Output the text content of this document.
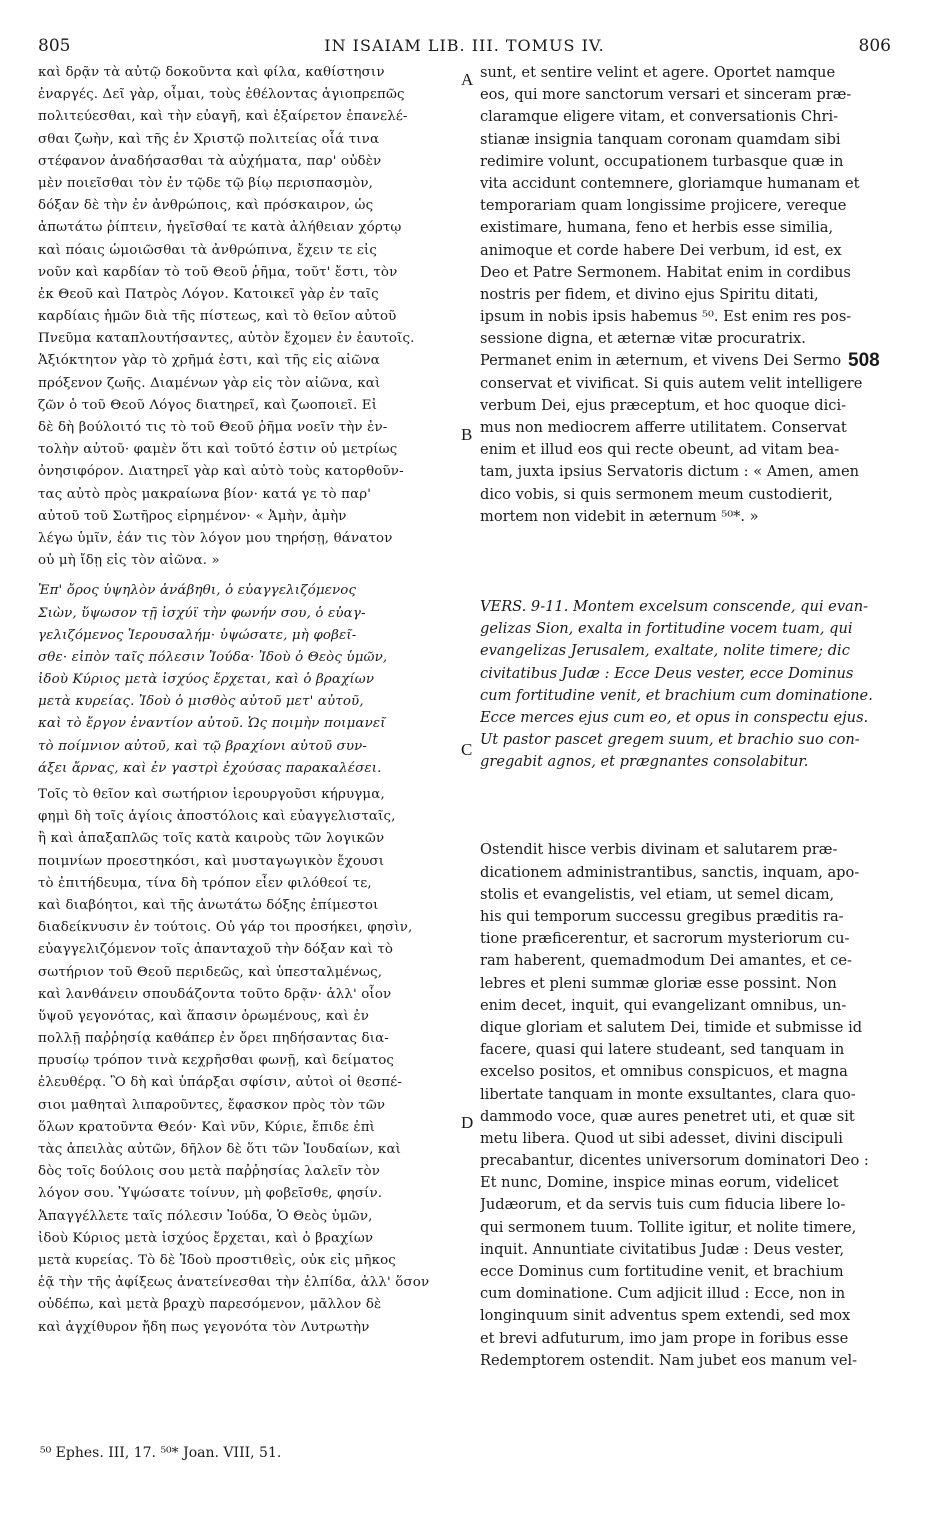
805	IN ISAIAM LIB. III. TOMUS IV.	806
καὶ δρᾷν τὰ αὐτῷ δοκοῦντα καὶ φίλα, καθίστησιν
ἐναργές. Δεῖ γὰρ, οἶμαι, τοὺς ἐθέλοντας ἁγιοπρεπῶς
πολιτεύεσθαι, καὶ τὴν εὐαγῆ, καὶ ἐξαίρετον ἐπανελέ-
σθαι ζωὴν, καὶ τῆς ἐν Χριστῷ πολιτείας οἷά τινα
στέφανον ἀναδήσασθαι τὰ αὐχήματα, παρ' οὐδὲν
μὲν ποιεῖσθαι τὸν ἐν τῷδε τῷ βίῳ περισπασμὸν,
δόξαν δὲ τὴν ἐν ἀνθρώποις, καὶ πρόσκαιρον, ὡς
ἀπωτάτω ῥίπτειν, ἡγεῖσθαί τε κατὰ ἀλήθειαν χόρτῳ
καὶ πόαις ὡμοιῶσθαι τὰ ἀνθρώπινα, ἔχειν τε εἰς
νοῦν καὶ καρδίαν τὸ τοῦ Θεοῦ ῥῆμα, τοῦτ' ἔστι, τὸν
ἐκ Θεοῦ καὶ Πατρὸς Λόγον. Κατοικεῖ γὰρ ἐν ταῖς
καρδίαις ἡμῶν διὰ τῆς πίστεως, καὶ τὸ θεῖον αὐτοῦ
Πνεῦμα καταπλουτήσαντες, αὐτὸν ἔχομεν ἐν ἑαυτοῖς.
Ἀξιόκτητον γὰρ τὸ χρῆμά ἐστι, καὶ τῆς εἰς αἰῶνα
πρόξενον ζωῆς. Διαμένων γὰρ εἰς τὸν αἰῶνα, καὶ
ζῶν ὁ τοῦ Θεοῦ Λόγος διατηρεῖ, καὶ ζωοποιεῖ. Εἰ
δὲ δὴ βούλοιτό τις τὸ τοῦ Θεοῦ ῥῆμα νοεῖν τὴν ἐν-
τολὴν αὐτοῦ· φαμὲν ὅτι καὶ τοῦτό ἐστιν οὐ μετρίως
ὀνησιφόρον. Διατηρεῖ γὰρ καὶ αὐτὸ τοὺς κατορθοῦν-
τας αὐτὸ πρὸς μακραίωνα βίον· κατά γε τὸ παρ'
αὐτοῦ τοῦ Σωτῆρος εἰρημένον· « Ἀμὴν, ἀμὴν
λέγω ὑμῖν, ἐάν τις τὸν λόγον μου τηρήσῃ, θάνατον
οὐ μὴ ἴδῃ εἰς τὸν αἰῶνα. »
Ἐπ' ὄρος ὑψηλὸν ἀνάβηθι, ὁ εὐαγγελιζόμενος
Σιὼν, ὕψωσον τῇ ἰσχύϊ τὴν φωνήν σου, ὁ εὐαγ-
γελιζόμενος Ἱερουσαλήμ· ὑψώσατε, μὴ φοβεῖ-
σθε· εἰπὸν ταῖς πόλεσιν Ἰούδα· Ἰδοὺ ὁ Θεὸς ὑμῶν,
ἰδοὺ Κύριος μετὰ ἰσχύος ἔρχεται, καὶ ὁ βραχίων
μετὰ κυρείας. Ἰδοὺ ὁ μισθὸς αὐτοῦ μετ' αὐτοῦ,
καὶ τὸ ἔργον ἐναντίον αὐτοῦ. Ὡς ποιμὴν ποιμανεῖ
τὸ ποίμνιον αὐτοῦ, καὶ τῷ βραχίονι αὐτοῦ συν-
άξει ἄρνας, καὶ ἐν γαστρὶ ἐχούσας παρακαλέσει.
Τοῖς τὸ θεῖον καὶ σωτήριον ἱερουργοῦσι κήρυγμα,
φημὶ δὴ τοῖς ἁγίοις ἀποστόλοις καὶ εὐαγγελισταῖς,
ἢ καὶ ἁπαξαπλῶς τοῖς κατὰ καιροὺς τῶν λογικῶν
ποιμνίων προεστηκόσι, καὶ μυσταγωγικὸν ἔχουσι
τὸ ἐπιτήδευμα, τίνα δὴ τρόπον εἶεν φιλόθεοί τε,
καὶ διαβόητοι, καὶ τῆς ἀνωτάτω δόξης ἐπίμεστοι
διαδείκνυσιν ἐν τούτοις. Οὐ γάρ τοι προσήκει, φησὶν,
εὐαγγελιζόμενον τοῖς ἁπανταχοῦ τὴν δόξαν καὶ τὸ
σωτήριον τοῦ Θεοῦ περιδεῶς, καὶ ὑπεσταλμένως,
καὶ λανθάνειν σπουδάζοντα τοῦτο δρᾷν· ἀλλ' οἷον
ὕψοῦ γεγονότας, καὶ ἅπασιν ὁρωμένους, καὶ ἐν
πολλῇ παῤῥησίᾳ καθάπερ ἐν ὄρει πηδήσαντας δια-
πρυσίῳ τρόπον τινὰ κεχρῆσθαι φωνῇ, καὶ δείματος
ἐλευθέρᾳ. Ὃ δὴ καὶ ὑπάρξαι σφίσιν, αὐτοὶ οἱ θεσπέ-
σιοι μαθηταὶ λιπαροῦντες, ἔφασκον πρὸς τὸν τῶν
ὅλων κρατοῦντα Θεόν· Καὶ νῦν, Κύριε, ἔπιδε ἐπὶ
τὰς ἀπειλὰς αὐτῶν, δῆλον δὲ ὅτι τῶν Ἰουδαίων, καὶ
δὸς τοῖς δούλοις σου μετὰ παῤῥησίας λαλεῖν τὸν
λόγον σου. Ὑψώσατε τοίνυν, μὴ φοβεῖσθε, φησίν.
Ἀπαγγέλλετε ταῖς πόλεσιν Ἰούδα, Ὁ Θεὸς ὑμῶν,
ἰδοὺ Κύριος μετὰ ἰσχύος ἔρχεται, καὶ ὁ βραχίων
μετὰ κυρείας. Τὸ δὲ Ἰδοὺ προστιθεὶς, οὐκ εἰς μῆκος
ἐᾷ τὴν τῆς ἀφίξεως ἀνατείνεσθαι τὴν ἐλπίδα, ἀλλ' ὅσον
οὐδέπω, καὶ μετὰ βραχὺ παρεσόμενον, μᾶλλον δὲ
καὶ ἀγχίθυρον ἤδη πως γεγονότα τὸν Λυτρωτὴν
sunt, et sentire velint et agere. Oportet namque
eos, qui more sanctorum versari et sinceram præ-
claramque eligere vitam, et conversationis Chri-
stianæ insignia tanquam coronam quamdam sibi
redimire volunt, occupationem turbasque quæ in
vita accidunt contemnere, gloriamque humanam et
temporariam quam longissime projicere, vereque
existimare, humana, feno et herbis esse similia,
animoque et corde habere Dei verbum, id est, ex
Deo et Patre Sermonem. Habitat enim in cordibus
nostris per fidem, et divino ejus Spiritu ditati,
ipsum in nobis ipsis habemus ⁵⁰. Est enim res pos-
sessione digna, et æternæ vitæ procuratrix.
Permanet enim in æternum, et vivens Dei Sermo
conservat et vivificat. Si quis autem velit intelligere
verbum Dei, ejus præceptum, et hoc quoque dici-
mus non mediocrem afferre utilitatem. Conservat
enim et illud eos qui recte obeunt, ad vitam bea-
tam, juxta ipsius Servatoris dictum : « Amen, amen
dico vobis, si quis sermonem meum custodierit,
mortem non videbit in æternum ⁵⁰*. »
VERS. 9-11. Montem excelsum conscende, qui evan-
gelizas Sion, exalta in fortitudine vocem tuam, qui
evangelizas Jerusalem, exaltate, nolite timere; dic
civitatibus Judæ : Ecce Deus vester, ecce Dominus
cum fortitudine venit, et brachium cum dominatione.
Ecce merces ejus cum eo, et opus in conspectu ejus.
Ut pastor pascet gregem suum, et brachio suo con-
gregabit agnos, et prægnantes consolabitur.
Ostendit hisce verbis divinam et salutarem præ-
dicationem administrantibus, sanctis, inquam, apo-
stolis et evangelistis, vel etiam, ut semel dicam,
his qui temporum successu gregibus præditis ra-
tione præficerentur, et sacrorum mysteriorum cu-
ram haberent, quemadmodum Dei amantes, et ce-
lebres et pleni summæ gloriæ esse possint. Non
enim decet, inquit, qui evangelizant omnibus, un-
dique gloriam et salutem Dei, timide et submisse id
facere, quasi qui latere studeant, sed tanquam in
excelso positos, et omnibus conspicuos, et magna
libertate tanquam in monte exsultantes, clara quo-
dammodo voce, quæ aures penetret uti, et quæ sit
metu libera. Quod ut sibi adesset, divini discipuli
precabantur, dicentes universorum dominatori Deo :
Et nunc, Domine, inspice minas eorum, videlicet
Judæorum, et da servis tuis cum fiducia libere lo-
qui sermonem tuum. Tollite igitur, et nolite timere,
inquit. Annuntiate civitatibus Judæ : Deus vester,
ecce Dominus cum fortitudine venit, et brachium
cum dominatione. Cum adjicit illud : Ecce, non in
longinquum sinit adventus spem extendi, sed mox
et brevi adfuturum, imo jam prope in foribus esse
Redemptorem ostendit. Nam jubet eos manum vel-
A
B
C
D
508
⁵⁰ Ephes. III, 17. ⁵⁰* Joan. VIII, 51.
